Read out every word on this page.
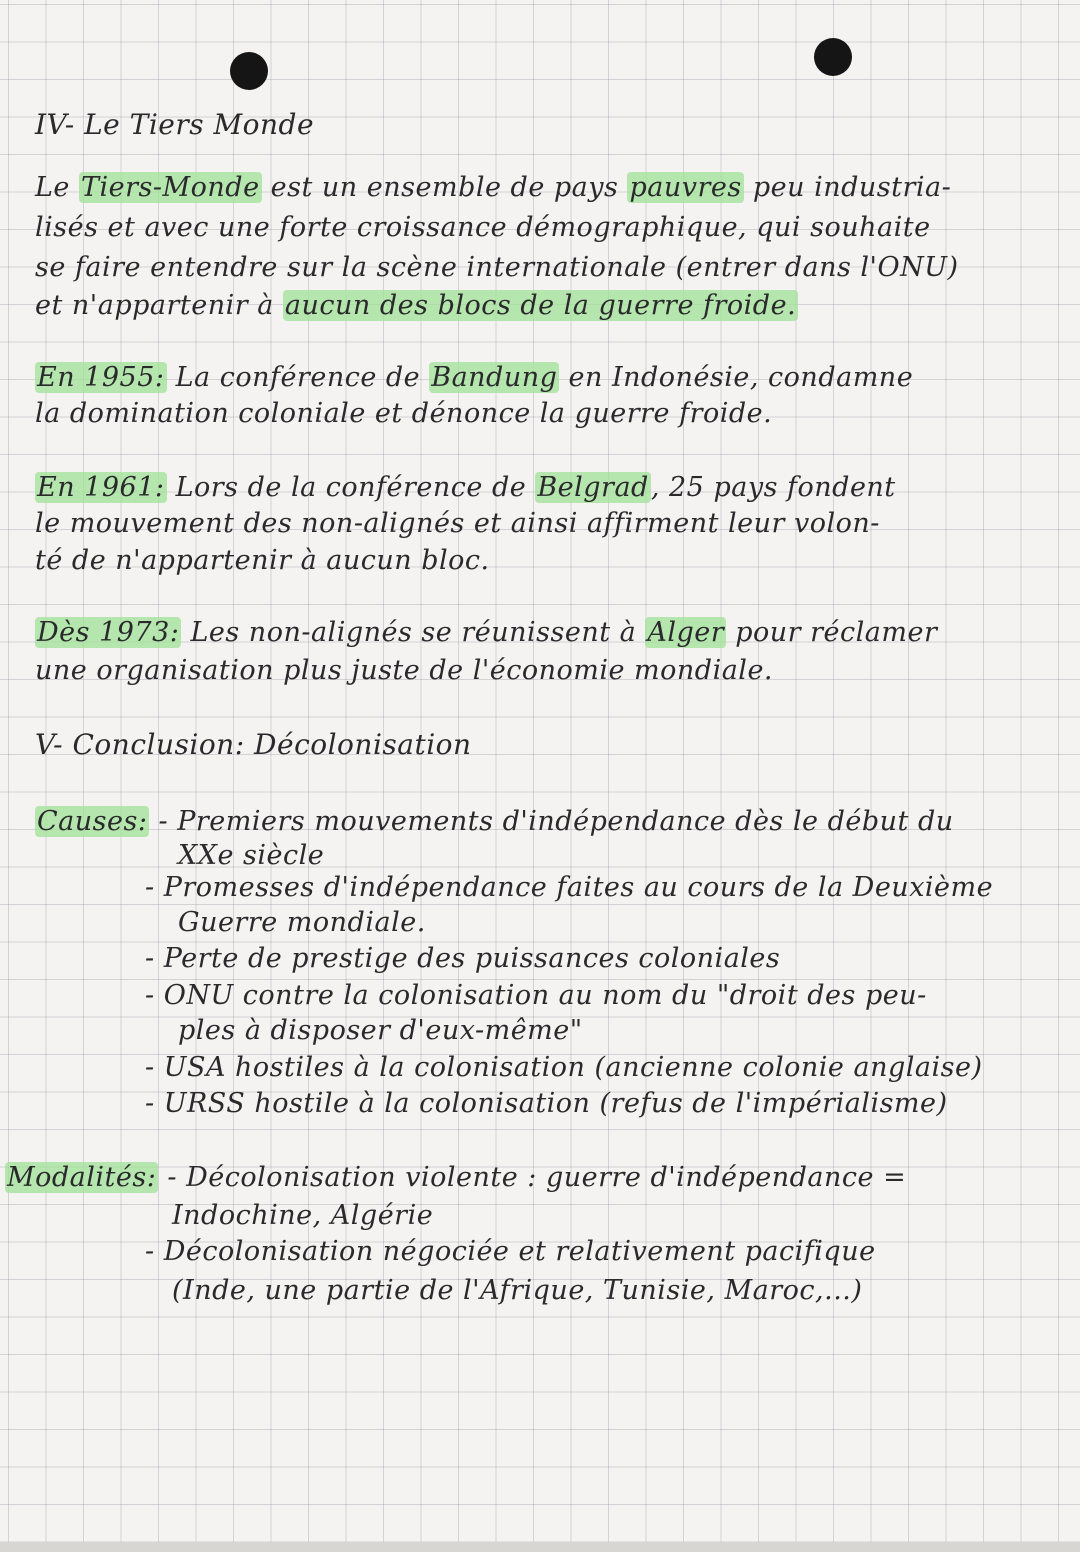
IV- Le Tiers Monde
Le Tiers-Monde est un ensemble de pays pauvres peu industria-
lisés et avec une forte croissance démographique, qui souhaite
se faire entendre sur la scène internationale (entrer dans l'ONU)
et n'appartenir à aucun des blocs de la guerre froide.
En 1955: La conférence de Bandung en Indonésie, condamne
la domination coloniale et dénonce la guerre froide.
En 1961: Lors de la conférence de Belgrad, 25 pays fondent
le mouvement des non-alignés et ainsi affirment leur volon-
té de n'appartenir à aucun bloc.
Dès 1973: Les non-alignés se réunissent à Alger pour réclamer
une organisation plus juste de l'économie mondiale.
V- Conclusion: Décolonisation
Causes: - Premiers mouvements d'indépendance dès le début du
XXe siècle
- Promesses d'indépendance faites au cours de la Deuxième
Guerre mondiale.
- Perte de prestige des puissances coloniales
- ONU contre la colonisation au nom du "droit des peu-
ples à disposer d'eux-même"
- USA hostiles à la colonisation (ancienne colonie anglaise)
- URSS hostile à la colonisation (refus de l'impérialisme)
Modalités: - Décolonisation violente : guerre d'indépendance =
Indochine, Algérie
- Décolonisation négociée et relativement pacifique
(Inde, une partie de l'Afrique, Tunisie, Maroc,...)
